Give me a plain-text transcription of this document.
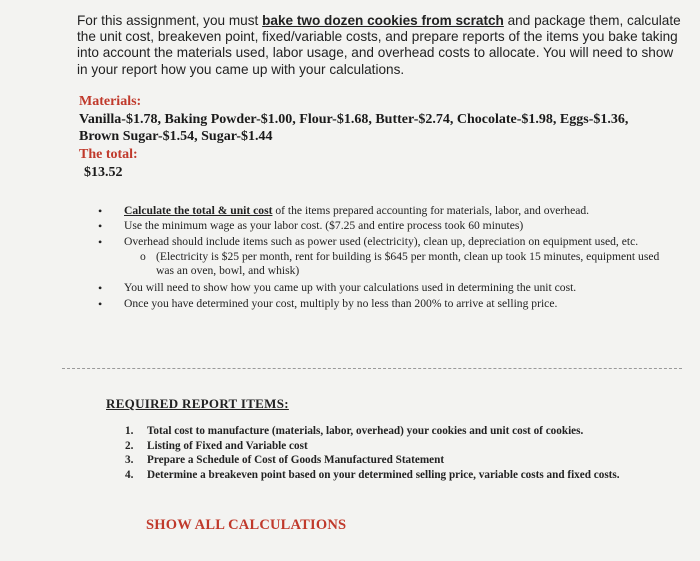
For this assignment, you must bake two dozen cookies from scratch and package them, calculate the unit cost, breakeven point, fixed/variable costs, and prepare reports of the items you bake taking into account the materials used, labor usage, and overhead costs to allocate. You will need to show in your report how you came up with your calculations.
Materials:
Vanilla-$1.78, Baking Powder-$1.00, Flour-$1.68, Butter-$2.74, Chocolate-$1.98, Eggs-$1.36, Brown Sugar-$1.54, Sugar-$1.44
The total:
$13.52
• Calculate the total & unit cost of the items prepared accounting for materials, labor, and overhead.
• Use the minimum wage as your labor cost. ($7.25 and entire process took 60 minutes)
• Overhead should include items such as power used (electricity), clean up, depreciation on equipment used, etc.
o (Electricity is $25 per month, rent for building is $645 per month, clean up took 15 minutes, equipment used was an oven, bowl, and whisk)
• You will need to show how you came up with your calculations used in determining the unit cost.
• Once you have determined your cost, multiply by no less than 200% to arrive at selling price.
REQUIRED REPORT ITEMS:
1. Total cost to manufacture (materials, labor, overhead) your cookies and unit cost of cookies.
2. Listing of Fixed and Variable cost
3. Prepare a Schedule of Cost of Goods Manufactured Statement
4. Determine a breakeven point based on your determined selling price, variable costs and fixed costs.
SHOW ALL CALCULATIONS
